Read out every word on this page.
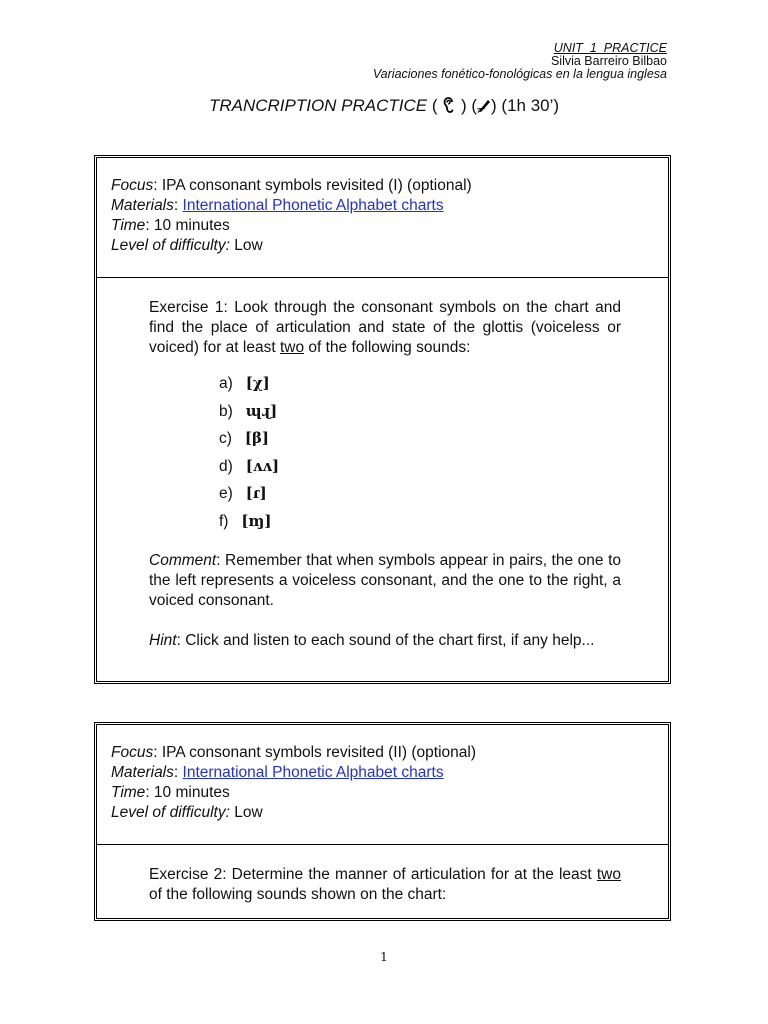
UNIT_1_PRACTICE
Silvia Barreiro Bilbao
Variaciones fonético-fonológicas en la lengua inglesa
TRANCRIPTION PRACTICE (  ) ( ) (1h 30’)
Focus: IPA consonant symbols revisited (I) (optional)
Materials: International Phonetic Alphabet charts
Time: 10 minutes
Level of difficulty: Low

Exercise 1: Look through the consonant symbols on the chart and find the place of articulation and state of the glottis (voiceless or voiced) for at least two of the following sounds:

a) [χ]
b) ɰɻ]
c) [β]
d) [ʌʌ]
e) [ɾ]
f) [ɱ]

Comment: Remember that when symbols appear in pairs, the one to the left represents a voiceless consonant, and the one to the right, a voiced consonant.

Hint: Click and listen to each sound of the chart first, if any help...

Focus: IPA consonant symbols revisited (II) (optional)
Materials: International Phonetic Alphabet charts
Time: 10 minutes
Level of difficulty: Low

Exercise 2: Determine the manner of articulation for at the least two of the following sounds shown on the chart:

1
